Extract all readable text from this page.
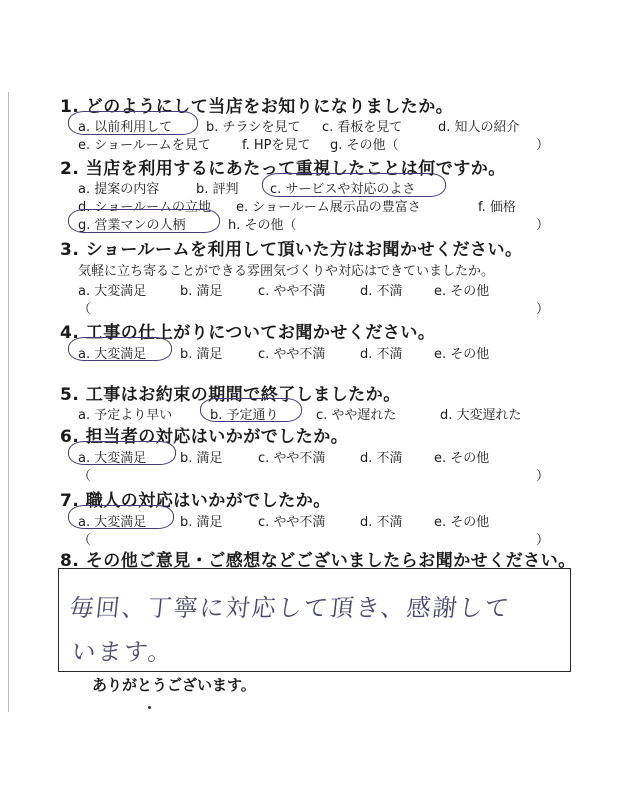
1. どのようにして当店をお知りになりましたか。
a. 以前利用して	b. チラシを見て c. 看板を見て	d. 知人の紹介
e. ショールームを見て f. HPを見て g. その他（	）
2. 当店を利用するにあたって重視したことは何ですか。
a. 提案の内容	b. 評判 c. サービスや対応のよさ
d. ショールームの立地 e. ショールーム展示品の豊富さ	f. 価格
g. 営業マンの人柄	h. その他（	）
3. ショールームを利用して頂いた方はお聞かせください。
気軽に立ち寄ることができる雰囲気づくりや対応はできていましたか。
a. 大変満足	b. 満足	c. やや不満	d. 不満 e. その他
（	）
4. 工事の仕上がりについてお聞かせください。
a. 大変満足	b. 満足	c. やや不満	d. 不満 e. その他
5. 工事はお約束の期間で終了しましたか。
a. 予定より早い	b. 予定通り	c. やや遅れた	d. 大変遅れた
6. 担当者の対応はいかがでしたか。
a. 大変満足	b. 満足	c. やや不満	d. 不満 e. その他
（	）
7. 職人の対応はいかがでしたか。
a. 大変満足	b. 満足	c. やや不満	d. 不満 e. その他
（	）
8. その他ご意見・ご感想などございましたらお聞かせください。
毎回、丁寧に対応して頂き、感謝して
います。
ありがとうございます。
